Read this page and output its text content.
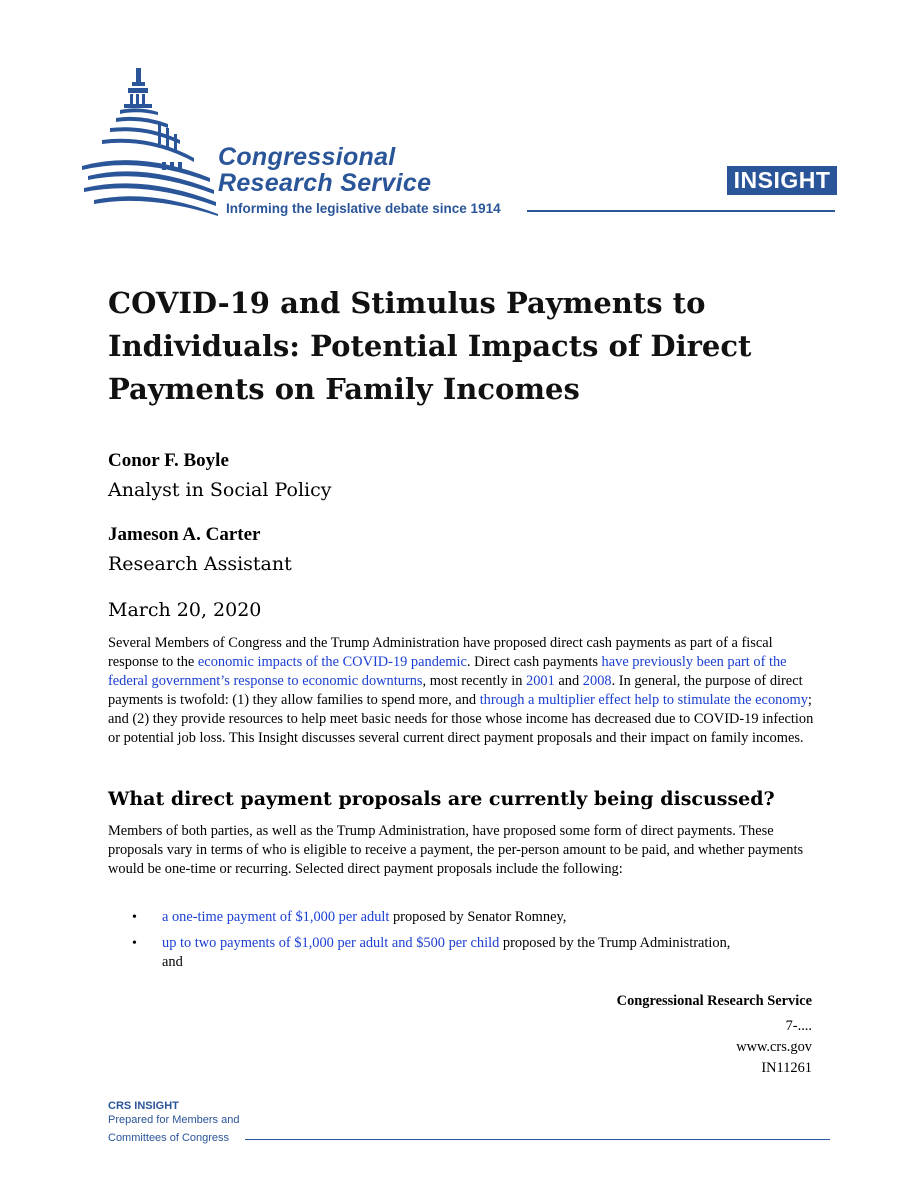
Congressional
Research Service
Informing the legislative debate since 1914
INSIGHT
COVID-19 and Stimulus Payments to Individuals: Potential Impacts of Direct Payments on Family Incomes
Conor F. Boyle
Analyst in Social Policy
Jameson A. Carter
Research Assistant
March 20, 2020
Several Members of Congress and the Trump Administration have proposed direct cash payments as part of a fiscal response to the economic impacts of the COVID-19 pandemic. Direct cash payments have previously been part of the federal government’s response to economic downturns, most recently in 2001 and 2008. In general, the purpose of direct payments is twofold: (1) they allow families to spend more, and through a multiplier effect help to stimulate the economy; and (2) they provide resources to help meet basic needs for those whose income has decreased due to COVID-19 infection or potential job loss. This Insight discusses several current direct payment proposals and their impact on family incomes.
What direct payment proposals are currently being discussed?
Members of both parties, as well as the Trump Administration, have proposed some form of direct payments. These proposals vary in terms of who is eligible to receive a payment, the per-person amount to be paid, and whether payments would be one-time or recurring. Selected direct payment proposals include the following:
• a one-time payment of $1,000 per adult proposed by Senator Romney,
• up to two payments of $1,000 per adult and $500 per child proposed by the Trump Administration, and
Congressional Research Service
7-....
www.crs.gov
IN11261
CRS INSIGHT
Prepared for Members and
Committees of Congress
